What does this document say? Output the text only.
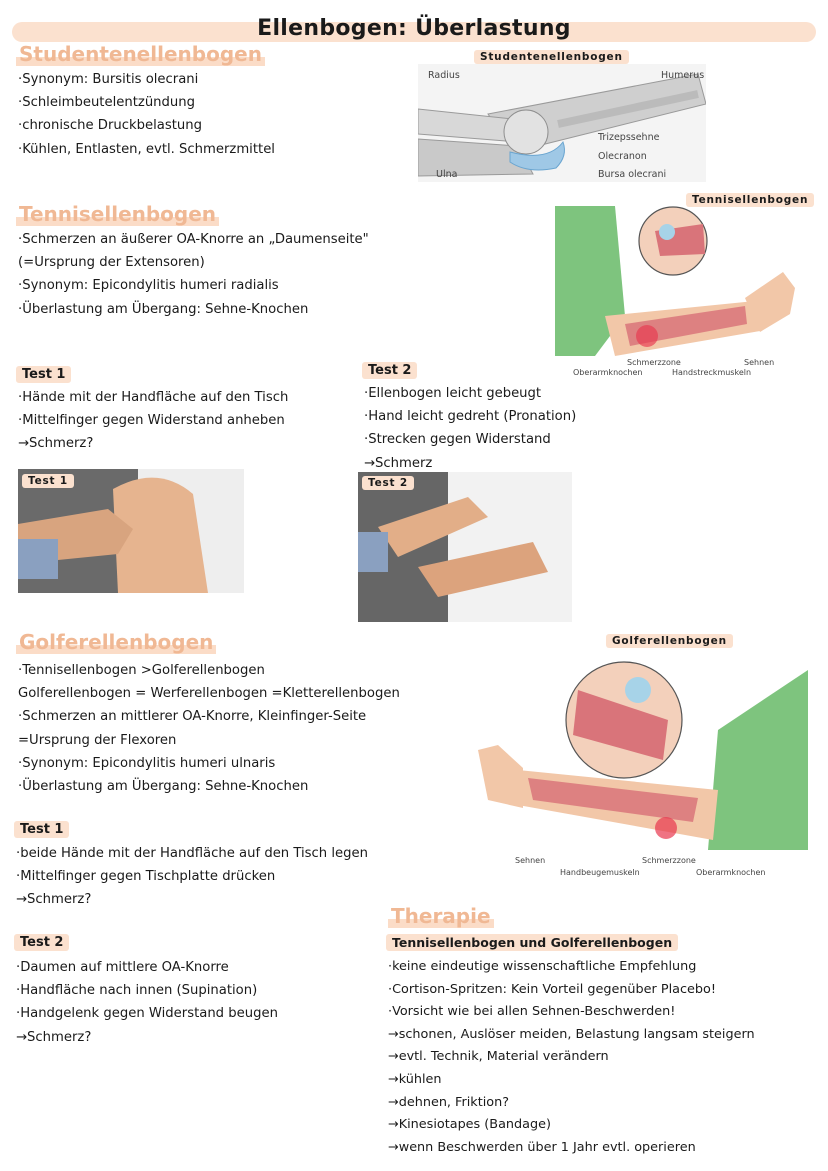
Ellenbogen: Überlastung
Studentenellenbogen
·Synonym: Bursitis olecrani
·Schleimbeutelentzündung
·chronische Druckbelastung
·Kühlen, Entlasten, evtl. Schmerzmittel
Studentenellenbogen
Radius	Humerus
Trizepssehne
Olecranon
Ulna	Bursa olecrani
Tennisellenbogen
·Schmerzen an äußerer OA-Knorre an „Daumenseite"
(=Ursprung der Extensoren)
·Synonym: Epicondylitis humeri radialis
·Überlastung am Übergang: Sehne-Knochen
Tennisellenbogen
Oberarmknochen
Schmerzzone
Handstreckmuskeln
Sehnen
Test 1
·Hände mit der Handfläche auf den Tisch
·Mittelfinger gegen Widerstand anheben
→Schmerz?
Test 2
·Ellenbogen leicht gebeugt
·Hand leicht gedreht (Pronation)
·Strecken gegen Widerstand
→Schmerz
Test 1	Test 2
Golferellenbogen
·Tennisellenbogen >Golferellenbogen
Golferellenbogen = Werferellenbogen =Kletterellenbogen
·Schmerzen an mittlerer OA-Knorre, Kleinfinger-Seite
=Ursprung der Flexoren
·Synonym: Epicondylitis humeri ulnaris
·Überlastung am Übergang: Sehne-Knochen
Golferellenbogen
Sehnen
Handbeugemuskeln
Schmerzzone
Oberarmknochen
Test 1
·beide Hände mit der Handfläche auf den Tisch legen
·Mittelfinger gegen Tischplatte drücken
→Schmerz?
Test 2
·Daumen auf mittlere OA-Knorre
·Handfläche nach innen (Supination)
·Handgelenk gegen Widerstand beugen
→Schmerz?
Therapie
Tennisellenbogen und Golferellenbogen
·keine eindeutige wissenschaftliche Empfehlung
·Cortison-Spritzen: Kein Vorteil gegenüber Placebo!
·Vorsicht wie bei allen Sehnen-Beschwerden!
→schonen, Auslöser meiden, Belastung langsam steigern
→evtl. Technik, Material verändern
→kühlen
→dehnen, Friktion?
→Kinesiotapes (Bandage)
→wenn Beschwerden über 1 Jahr evtl. operieren
